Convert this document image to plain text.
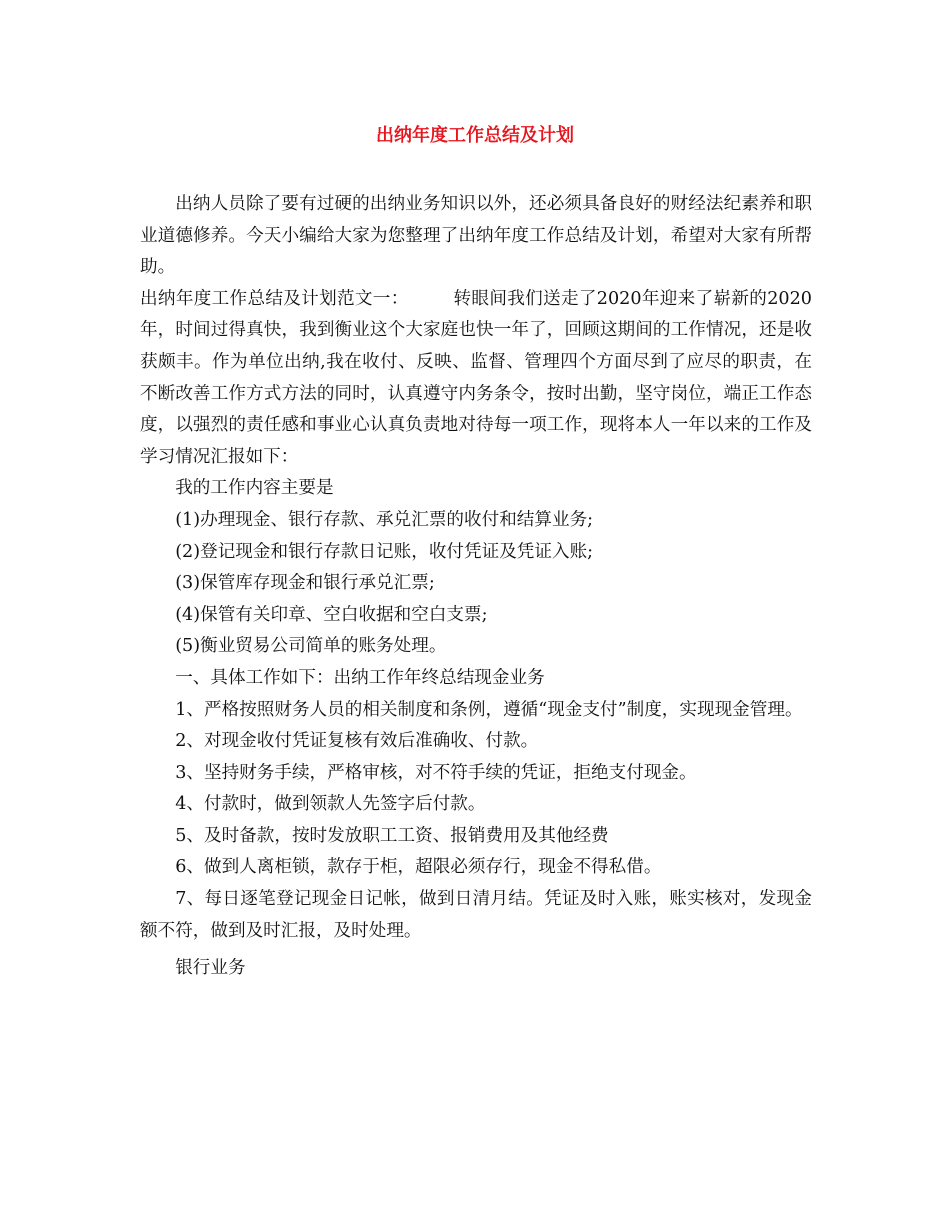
出纳年度工作总结及计划

出纳人员除了要有过硬的出纳业务知识以外，还必须具备良好的财经法纪素养和职业道德修养。今天小编给大家为您整理了出纳年度工作总结及计划，希望对大家有所帮助。

出纳年度工作总结及计划范文一：　　　转眼间我们送走了2020年迎来了崭新的2020年，时间过得真快，我到衡业这个大家庭也快一年了，回顾这期间的工作情况，还是收获颇丰。作为单位出纳,我在收付、反映、监督、管理四个方面尽到了应尽的职责，在不断改善工作方式方法的同时，认真遵守内务条令，按时出勤，坚守岗位，端正工作态度，以强烈的责任感和事业心认真负责地对待每一项工作，现将本人一年以来的工作及学习情况汇报如下：

我的工作内容主要是

(1)办理现金、银行存款、承兑汇票的收付和结算业务;

(2)登记现金和银行存款日记账，收付凭证及凭证入账;

(3)保管库存现金和银行承兑汇票;

(4)保管有关印章、空白收据和空白支票;

(5)衡业贸易公司简单的账务处理。

一、具体工作如下：出纳工作年终总结现金业务

1、严格按照财务人员的相关制度和条例，遵循“现金支付”制度，实现现金管理。

2、对现金收付凭证复核有效后准确收、付款。

3、坚持财务手续，严格审核，对不符手续的凭证，拒绝支付现金。

4、付款时，做到领款人先签字后付款。

5、及时备款，按时发放职工工资、报销费用及其他经费

6、做到人离柜锁，款存于柜，超限必须存行，现金不得私借。

7、每日逐笔登记现金日记帐，做到日清月结。凭证及时入账，账实核对，发现金额不符，做到及时汇报，及时处理。

银行业务
